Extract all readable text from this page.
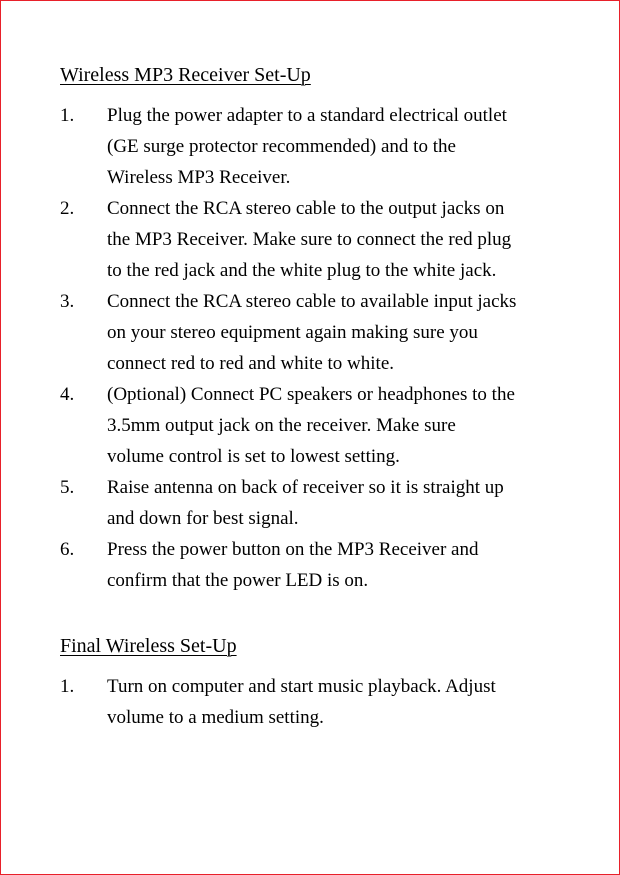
Wireless MP3 Receiver Set-Up
1.	Plug the power adapter to a standard electrical outlet
(GE surge protector recommended) and to the
Wireless MP3 Receiver.
2.	Connect the RCA stereo cable to the output jacks on
the MP3 Receiver. Make sure to connect the red plug
to the red jack and the white plug to the white jack.
3.	Connect the RCA stereo cable to available input jacks
on your stereo equipment again making sure you
connect red to red and white to white.
4.	(Optional) Connect PC speakers or headphones to the
3.5mm output jack on the receiver. Make sure
volume control is set to lowest setting.
5.	Raise antenna on back of receiver so it is straight up
and down for best signal.
6.	Press the power button on the MP3 Receiver and
confirm that the power LED is on.
Final Wireless Set-Up
1.	Turn on computer and start music playback. Adjust
volume to a medium setting.
